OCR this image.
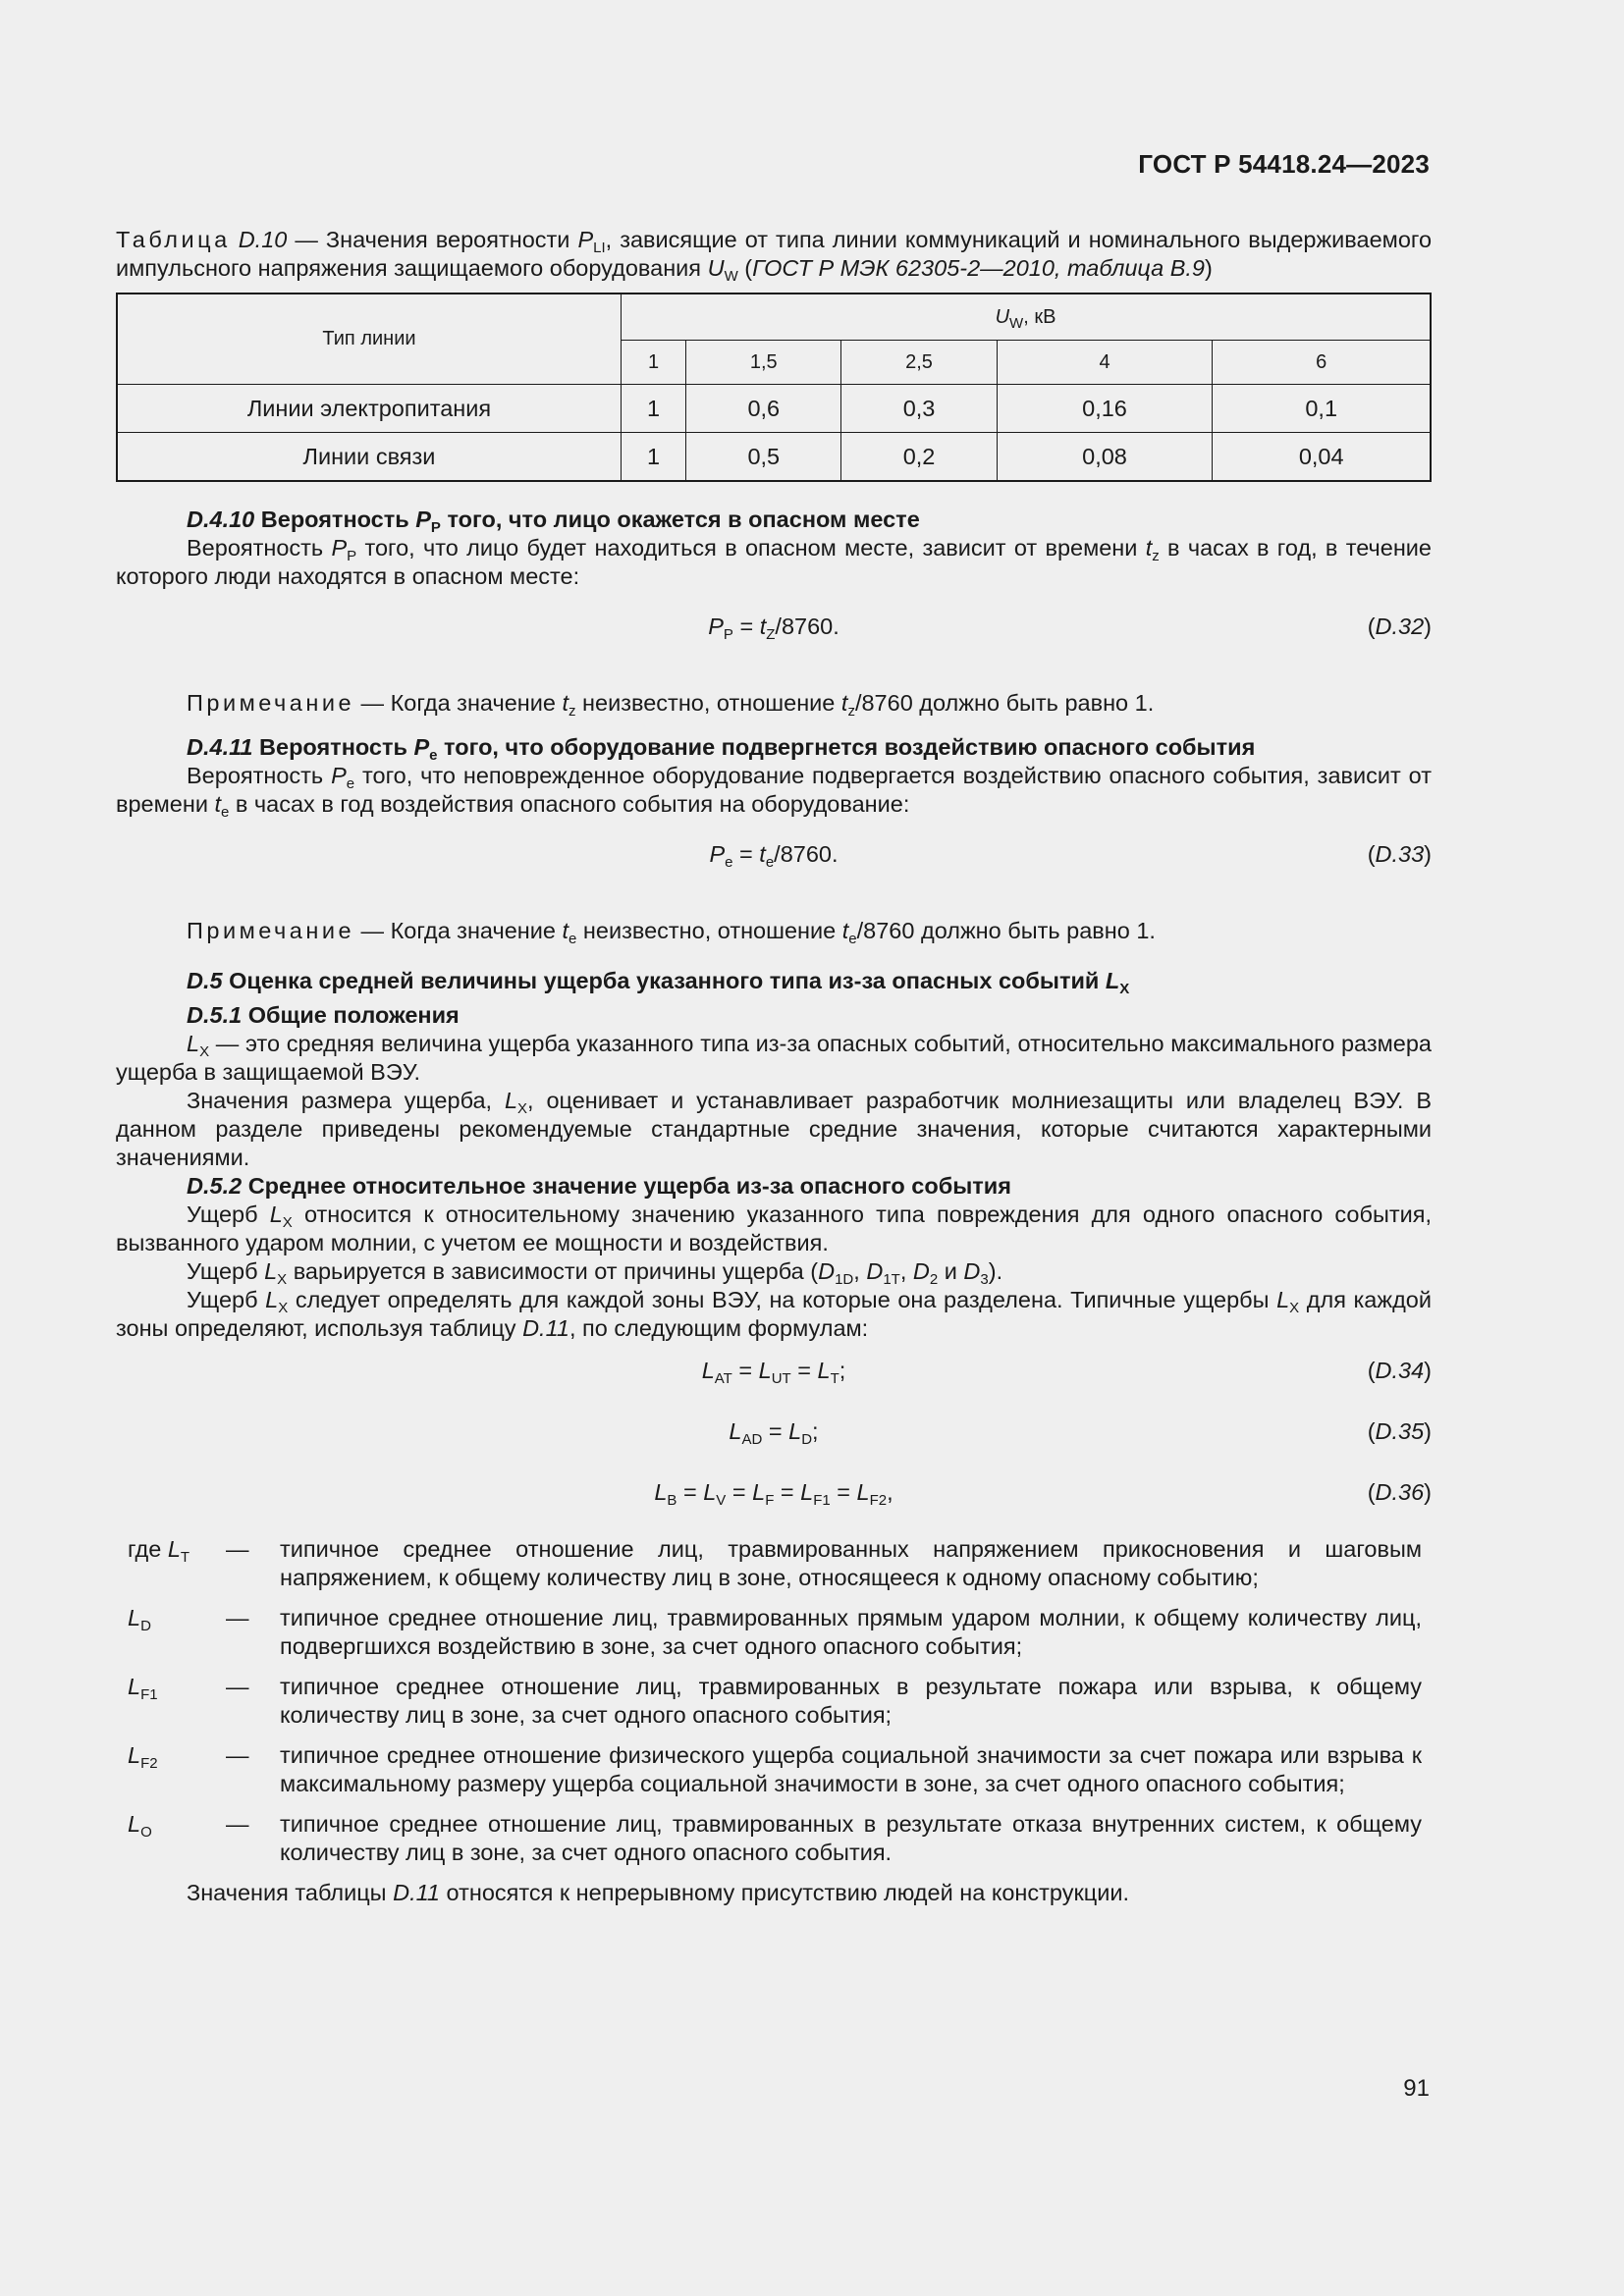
ГОСТ Р 54418.24—2023
Таблица D.10 — Значения вероятности $P_{LI}$, зависящие от типа линии коммуникаций и номинального выдерживаемого импульсного напряжения защищаемого оборудования $U_W$ (ГОСТ Р МЭК 62305-2—2010, таблица B.9)
Тип линии	$U_W$, кВ				
	1	1,5	2,5	4	6
Линии электропитания	1	0,6	0,3	0,16	0,1
Линии связи	1	0,5	0,2	0,08	0,04

D.4.10 Вероятность $P_P$ того, что лицо окажется в опасном месте

Вероятность $P_P$ того, что лицо будет находиться в опасном месте, зависит от времени $t_z$ в часах в год, в течение которого люди находятся в опасном месте:

$P_P = t_Z/8760$.	(D.32)

Примечание — Когда значение $t_z$ неизвестно, отношение $t_z/8760$ должно быть равно 1.

D.4.11 Вероятность $P_e$ того, что оборудование подвергнется воздействию опасного события

Вероятность $P_e$ того, что неповрежденное оборудование подвергается воздействию опасного события, зависит от времени $t_e$ в часах в год воздействия опасного события на оборудование:

$P_e = t_e/8760$.	(D.33)

Примечание — Когда значение $t_e$ неизвестно, отношение $t_e/8760$ должно быть равно 1.

D.5 Оценка средней величины ущерба указанного типа из-за опасных событий $L_X$

D.5.1 Общие положения

$L_X$ — это средняя величина ущерба указанного типа из-за опасных событий, относительно максимального размера ущерба в защищаемой ВЭУ.

Значения размера ущерба, $L_X$, оценивает и устанавливает разработчик молниезащиты или владелец ВЭУ. В данном разделе приведены рекомендуемые стандартные средние значения, которые считаются характерными значениями.

D.5.2 Среднее относительное значение ущерба из-за опасного события

Ущерб $L_X$ относится к относительному значению указанного типа повреждения для одного опасного события, вызванного ударом молнии, с учетом ее мощности и воздействия.

Ущерб $L_X$ варьируется в зависимости от причины ущерба ($D_{1D}$, $D_{1T}$, $D_2$ и $D_3$).

Ущерб $L_X$ следует определять для каждой зоны ВЭУ, на которые она разделена. Типичные ущербы $L_X$ для каждой зоны определяют, используя таблицу D.11, по следующим формулам:

$L_{AT} = L_{UT} = L_T$;	(D.34)
$L_{AD} = L_D$;	(D.35)
$L_B = L_V = L_F = L_{F1} = L_{F2}$,	(D.36)
где $L_T$	—	типичное среднее отношение лиц, травмированных напряжением прикосновения и шаговым напряжением, к общему количеству лиц в зоне, относящееся к одному опасному событию;
$L_D$	—	типичное среднее отношение лиц, травмированных прямым ударом молнии, к общему количеству лиц, подвергшихся воздействию в зоне, за счет одного опасного события;
$L_{F1}$	—	типичное среднее отношение лиц, травмированных в результате пожара или взрыва, к общему количеству лиц в зоне, за счет одного опасного события;
$L_{F2}$	—	типичное среднее отношение физического ущерба социальной значимости за счет пожара или взрыва к максимальному размеру ущерба социальной значимости в зоне, за счет одного опасного события;
$L_O$	—	типичное среднее отношение лиц, травмированных в результате отказа внутренних систем, к общему количеству лиц в зоне, за счет одного опасного события.

Значения таблицы D.11 относятся к непрерывному присутствию людей на конструкции.

91
